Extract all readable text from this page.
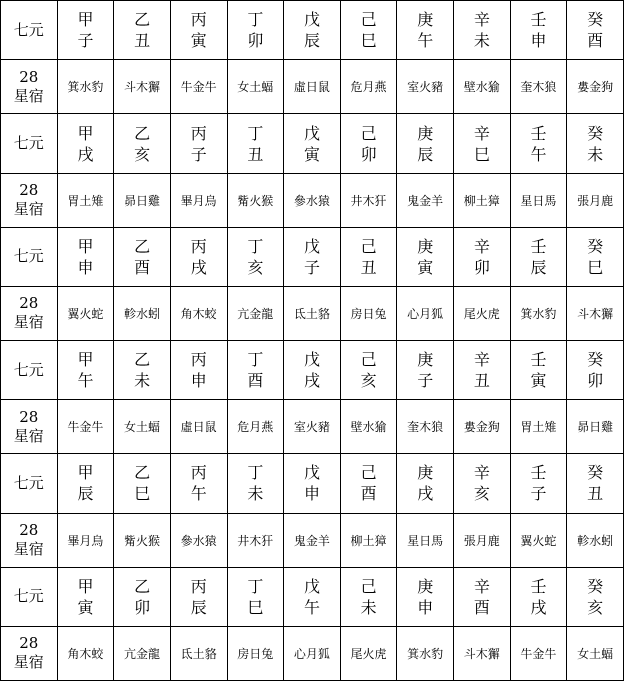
七元	甲子	乙丑	丙寅	丁卯	戊辰	己巳	庚午	辛未	壬申	癸酉
28
星宿	箕水豹	斗木獬	牛金牛	女土蝠	虛日鼠	危月燕	室火豬	壁水㺄	奎木狼	婁金狗
七元	甲戌	乙亥	丙子	丁丑	戊寅	己卯	庚辰	辛巳	壬午	癸未
28
星宿	胃土雉	昴日雞	畢月烏	觜火猴	參水猿	井木犴	鬼金羊	柳土獐	星日馬	張月鹿
七元	甲申	乙酉	丙戌	丁亥	戊子	己丑	庚寅	辛卯	壬辰	癸巳
28
星宿	翼火蛇	軫水蚓	角木蛟	亢金龍	氐土貉	房日兔	心月狐	尾火虎	箕水豹	斗木獬
七元	甲午	乙未	丙申	丁酉	戊戌	己亥	庚子	辛丑	壬寅	癸卯
28
星宿	牛金牛	女土蝠	虛日鼠	危月燕	室火豬	壁水㺄	奎木狼	婁金狗	胃土雉	昴日雞
七元	甲辰	乙巳	丙午	丁未	戊申	己酉	庚戌	辛亥	壬子	癸丑
28
星宿	畢月烏	觜火猴	參水猿	井木犴	鬼金羊	柳土獐	星日馬	張月鹿	翼火蛇	軫水蚓
七元	甲寅	乙卯	丙辰	丁巳	戊午	己未	庚申	辛酉	壬戌	癸亥
28
星宿	角木蛟	亢金龍	氐土貉	房日兔	心月狐	尾火虎	箕水豹	斗木獬	牛金牛	女土蝠
